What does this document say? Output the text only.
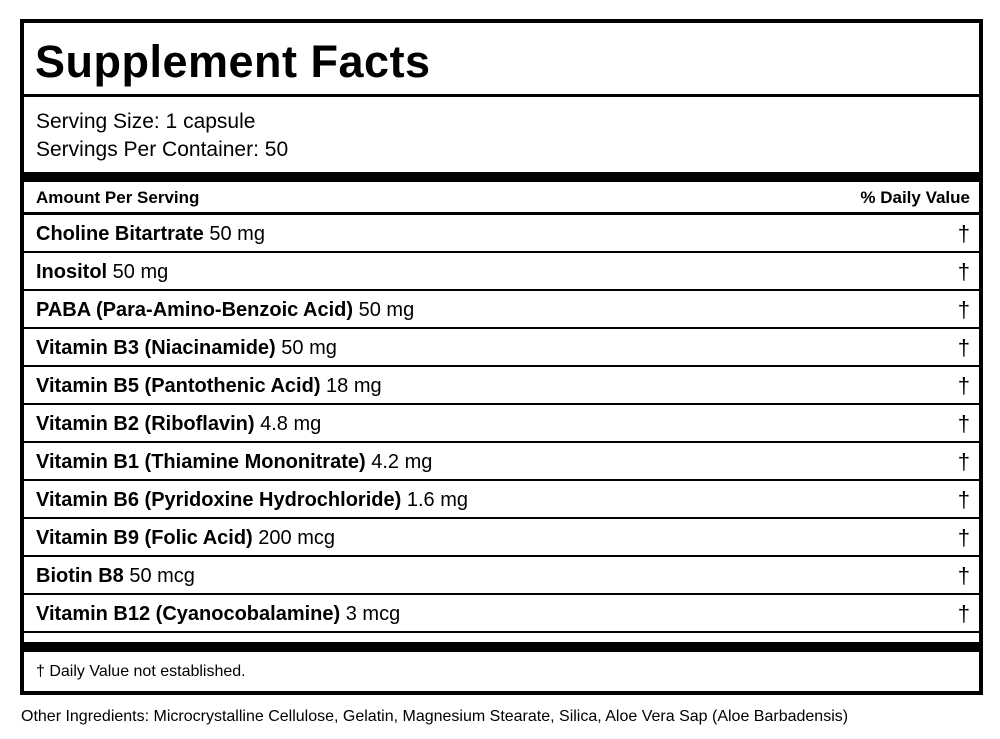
Supplement Facts
Serving Size: 1 capsule
Servings Per Container: 50
Amount Per Serving	% Daily Value
Choline Bitartrate 50 mg	†
Inositol 50 mg	†
PABA (Para-Amino-Benzoic Acid) 50 mg	†
Vitamin B3 (Niacinamide) 50 mg	†
Vitamin B5 (Pantothenic Acid) 18 mg	†
Vitamin B2 (Riboflavin) 4.8 mg	†
Vitamin B1 (Thiamine Mononitrate) 4.2 mg	†
Vitamin B6 (Pyridoxine Hydrochloride) 1.6 mg	†
Vitamin B9 (Folic Acid) 200 mcg	†
Biotin B8 50 mcg	†
Vitamin B12 (Cyanocobalamine) 3 mcg	†
† Daily Value not established.
Other Ingredients: Microcrystalline Cellulose, Gelatin, Magnesium Stearate, Silica, Aloe Vera Sap (Aloe Barbadensis)
